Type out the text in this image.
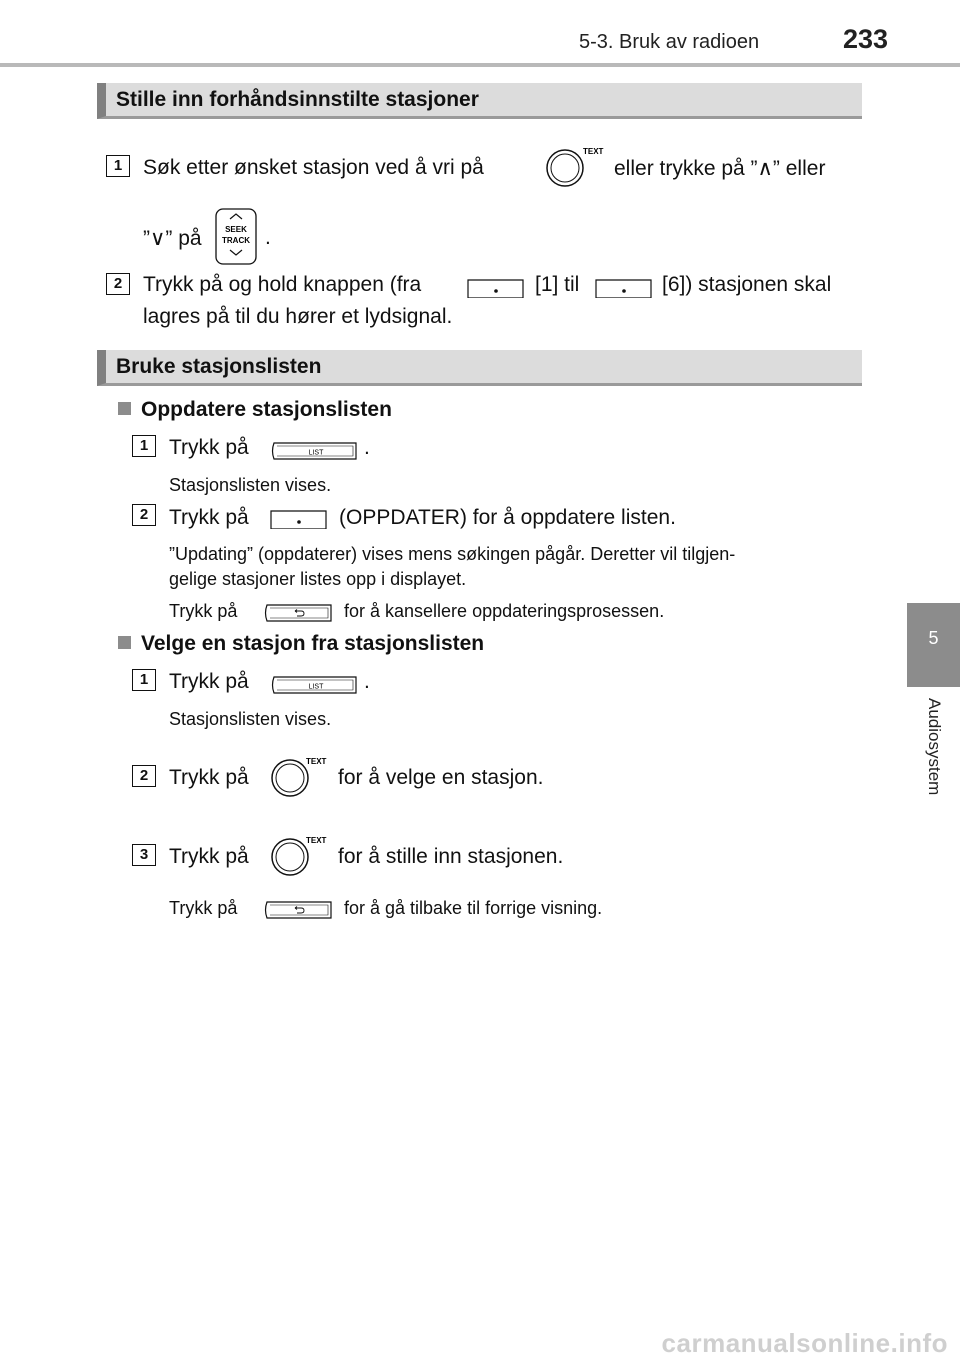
5-3. Bruk av radioen	233
5
Audiosystem
Stille inn forhåndsinnstilte stasjoner
1 Søk etter ønsket stasjon ved å vri på
TEXT
eller trykke på ”∧” eller
”∨” på	SEEK
TRACK .
2 Trykk på og hold knappen (fra	[1] til	[6]) stasjonen skal
lagres på til du hører et lydsignal.
Bruke stasjonslisten
Oppdatere stasjonslisten
1 Trykk på	LIST .
Stasjonslisten vises.
2 Trykk på	(OPPDATER) for å oppdatere listen.
”Updating” (oppdaterer) vises mens søkingen pågår. Deretter vil tilgjen-
gelige stasjoner listes opp i displayet.
Trykk på	for å kansellere oppdateringsprosessen.
Velge en stasjon fra stasjonslisten
1 Trykk på	LIST .
Stasjonslisten vises.
2 Trykk på
TEXT
for å velge en stasjon.
3 Trykk på
TEXT
for å stille inn stasjonen.
Trykk på	for å gå tilbake til forrige visning.
carmanualsonline.info
